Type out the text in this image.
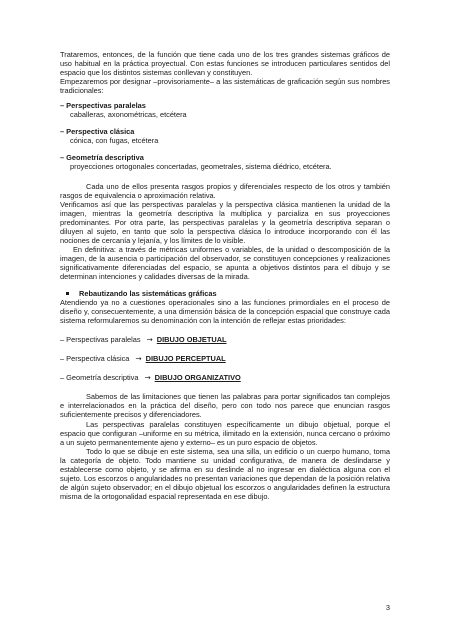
Trataremos, entonces, de la función que tiene cada uno de los tres grandes sistemas gráficos de uso habitual en la práctica proyectual. Con estas funciones se introducen particulares sentidos del espacio que los distintos sistemas conllevan y constituyen.

Empezaremos por designar –provisoriamente– a las sistemáticas de graficación según sus nombres tradicionales:

– Perspectivas paralelas

caballeras, axonométricas, etcétera

– Perspectiva clásica

cónica, con fugas, etcétera

– Geometría descriptiva

proyecciones ortogonales concertadas, geometrales, sistema diédrico, etcétera.

Cada uno de ellos presenta rasgos propios y diferenciales respecto de los otros y también rasgos de equivalencia o aproximación relativa.

Verificamos así que las perspectivas paralelas y la perspectiva clásica mantienen la unidad de la imagen, mientras la geometría descriptiva la multiplica y parcializa en sus proyecciones predominantes. Por otra parte, las perspectivas paralelas y la geometría descriptiva separan o diluyen al sujeto, en tanto que solo la perspectiva clásica lo introduce incorporando con él las nociones de cercanía y lejanía, y los límites de lo visible.

En definitiva: a través de métricas uniformes o variables, de la unidad o descomposición de la imagen, de la ausencia o participación del observador, se constituyen concepciones y realizaciones significativamente diferenciadas del espacio, se apunta a objetivos distintos para el dibujo y se determinan intenciones y calidades diversas de la mirada.

Rebautizando las sistemáticas gráficas

Atendiendo ya no a cuestiones operacionales sino a las funciones primordiales en el proceso de diseño y, consecuentemente, a una dimensión básica de la concepción espacial que construye cada sistema reformularemos su denominación con la intención de reflejar estas prioridades:

– Perspectivas paralelas → DIBUJO OBJETUAL

– Perspectiva clásica → DIBUJO PERCEPTUAL

– Geometría descriptiva → DIBUJO ORGANIZATIVO

Sabemos de las limitaciones que tienen las palabras para portar significados tan complejos e interrelacionados en la práctica del diseño, pero con todo nos parece que enuncian rasgos suficientemente precisos y diferenciadores.

Las perspectivas paralelas constituyen específicamente un dibujo objetual, porque el espacio que configuran –uniforme en su métrica, ilimitado en la extensión, nunca cercano o próximo a un sujeto permanentemente ajeno y externo– es un puro espacio de objetos.

Todo lo que se dibuje en este sistema, sea una silla, un edificio o un cuerpo humano, toma la categoría de objeto. Todo mantiene su unidad configurativa, de manera de deslindarse y establecerse como objeto, y se afirma en su deslinde al no ingresar en dialéctica alguna con el sujeto. Los escorzos o angularidades no presentan variaciones que dependan de la posición relativa de algún sujeto observador; en el dibujo objetual los escorzos o angularidades definen la estructura misma de la ortogonalidad espacial representada en ese dibujo.

3
